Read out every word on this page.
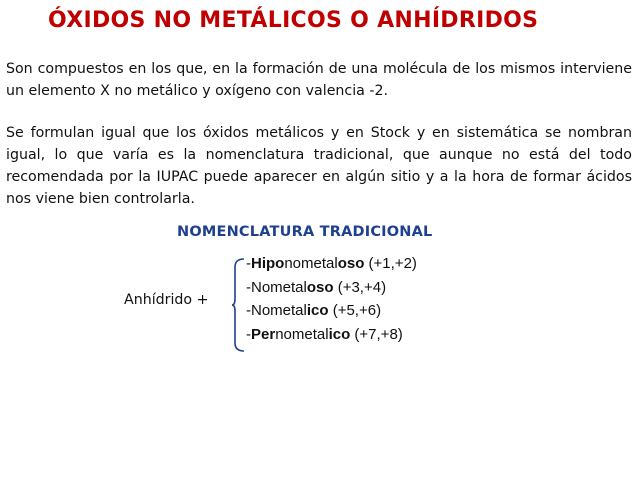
ÓXIDOS NO METÁLICOS O ANHÍDRIDOS
Son compuestos en los que, en la formación de una molécula de los mismos interviene un elemento X no metálico y oxígeno con valencia -2.
Se formulan igual que los óxidos metálicos y en Stock y en sistemática se nombran igual, lo que varía es la nomenclatura tradicional, que aunque no está del todo recomendada por la IUPAC puede aparecer en algún sitio y a la hora de formar ácidos nos viene bien controlarla.
NOMENCLATURA TRADICIONAL
Anhídrido +
-Hiponometaloso (+1,+2)
-Nometaloso (+3,+4)
-Nometalico (+5,+6)
-Pernometalico (+7,+8)
